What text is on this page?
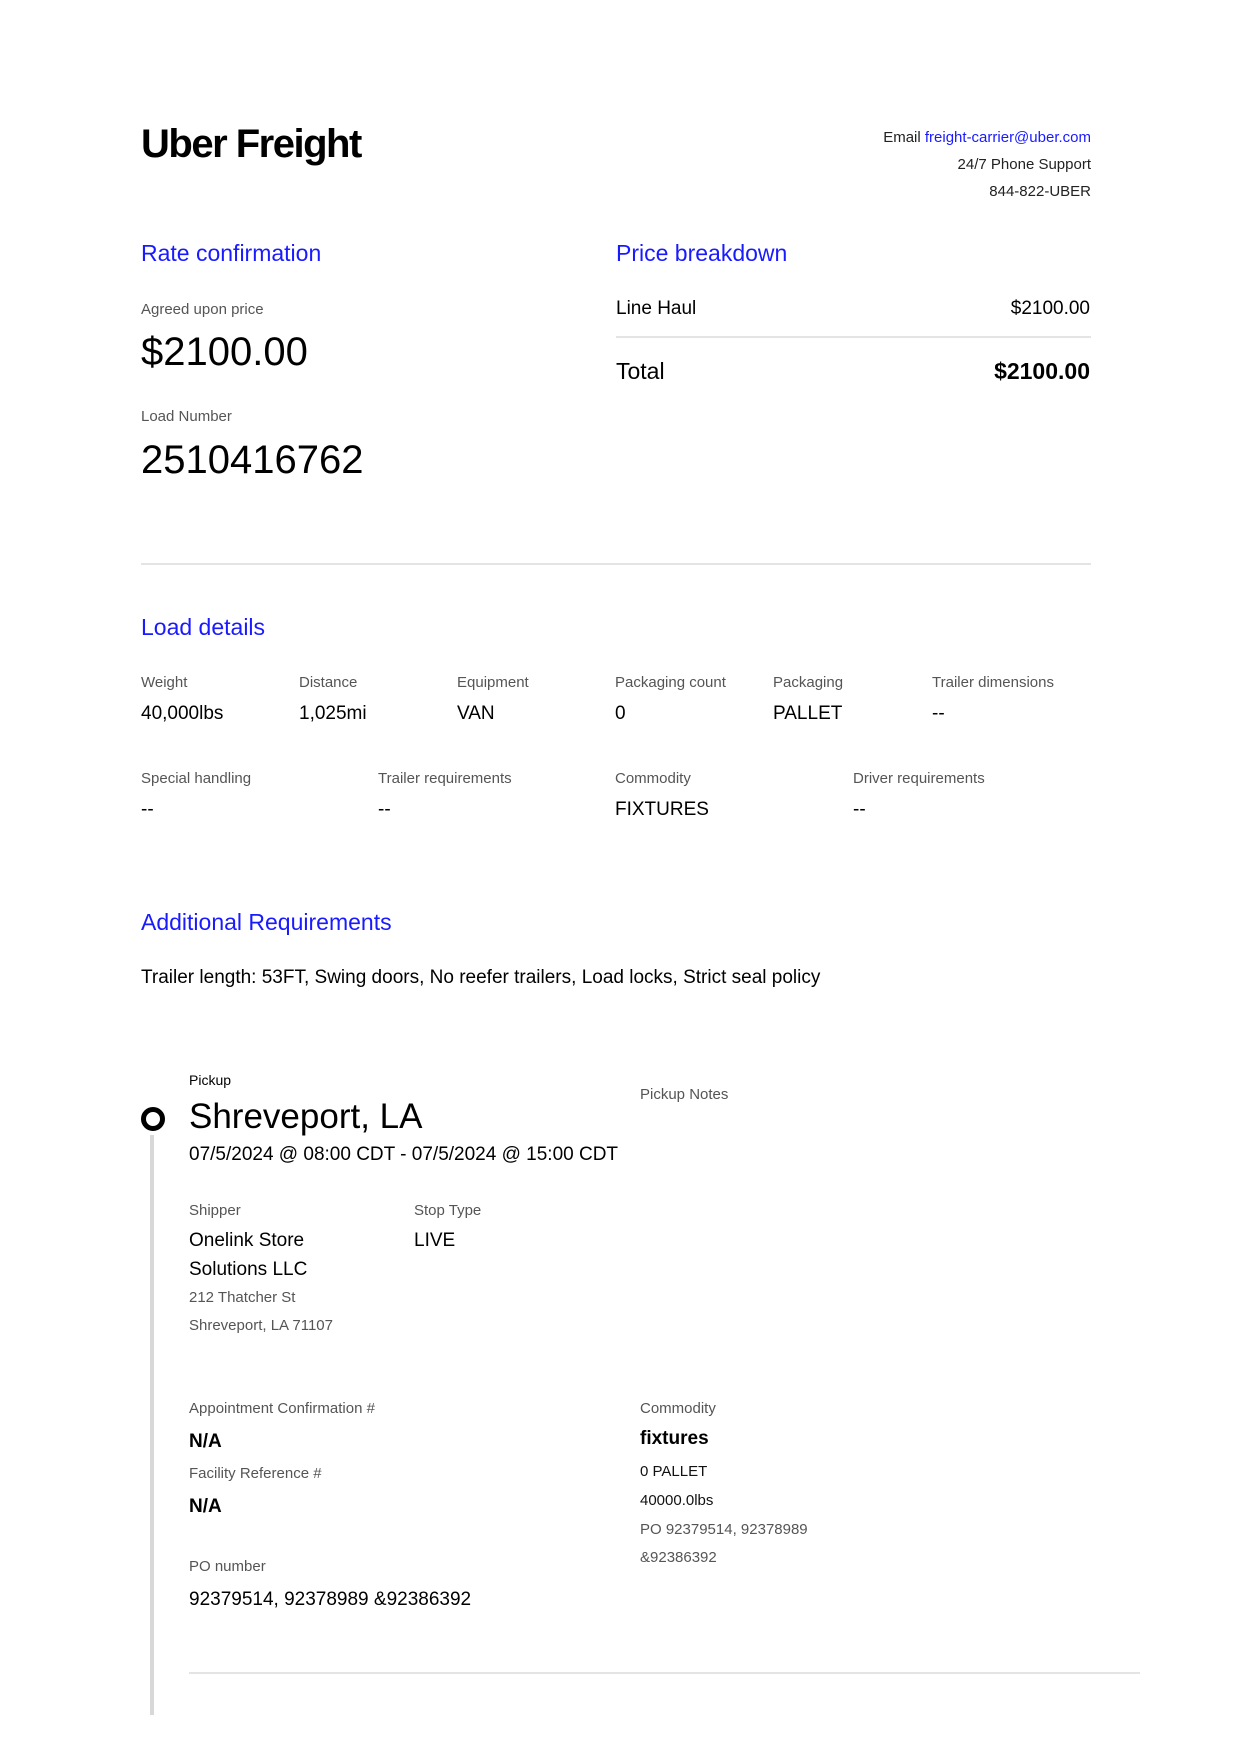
Uber Freight	Email freight-carrier@uber.com
24/7 Phone Support
844-822-UBER
Rate confirmation
Agreed upon price
$2100.00
Load Number
2510416762
Price breakdown
Line Haul	$2100.00
Total	$2100.00
Load details
Weight
40,000lbs
Distance
1,025mi
Equipment
VAN
Packaging count
0
Packaging
PALLET
Trailer dimensions
--
Special handling
--
Trailer requirements
--
Commodity
FIXTURES
Driver requirements
--
Additional Requirements
Trailer length: 53FT, Swing doors, No reefer trailers, Load locks, Strict seal policy
Pickup
Shreveport, LA
07/5/2024 @ 08:00 CDT - 07/5/2024 @ 15:00 CDT
Pickup Notes
Shipper
Onelink Store
Solutions LLC
212 Thatcher St
Shreveport, LA 71107
Stop Type
LIVE
Appointment Confirmation #
N/A
Facility Reference #
N/A
PO number
92379514, 92378989 &92386392
Commodity
fixtures
0 PALLET
40000.0lbs
PO 92379514, 92378989
&92386392
